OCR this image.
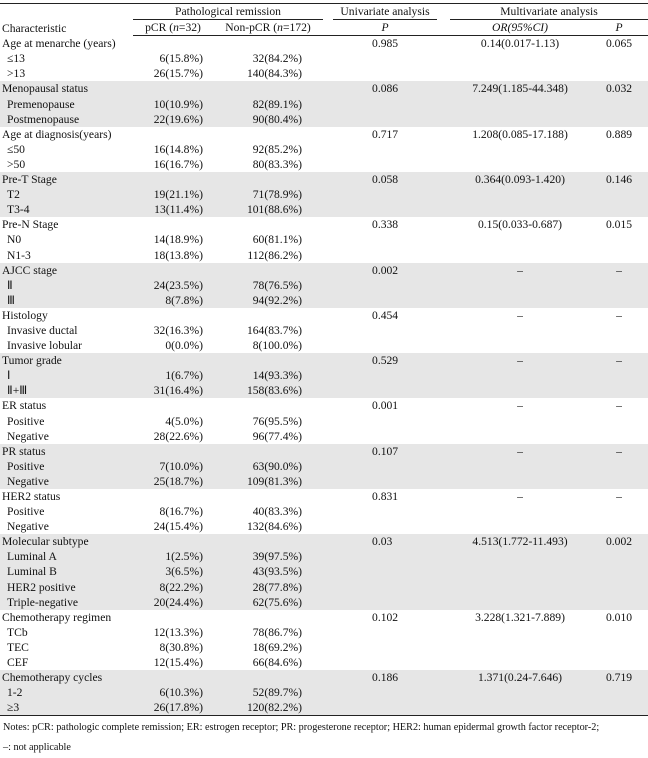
Characteristic	Pathological remission			Univariate analysis		Multivariate analysis	
	pCR (n=32)	Non-pCR (n=172)		P		OR(95%CI)	P
Age at menarche (years)				0.985		0.14(0.017-1.13)	0.065
≤13	6(15.8%)	32(84.2%)					
>13	26(15.7%)	140(84.3%)					
Menopausal status				0.086		7.249(1.185-44.348)	0.032
Premenopause	10(10.9%)	82(89.1%)					
Postmenopause	22(19.6%)	90(80.4%)					
Age at diagnosis(years)				0.717		1.208(0.085-17.188)	0.889
≤50	16(14.8%)	92(85.2%)					
>50	16(16.7%)	80(83.3%)					
Pre-T Stage				0.058		0.364(0.093-1.420)	0.146
T2	19(21.1%)	71(78.9%)					
T3-4	13(11.4%)	101(88.6%)					
Pre-N Stage				0.338		0.15(0.033-0.687)	0.015
N0	14(18.9%)	60(81.1%)					
N1-3	18(13.8%)	112(86.2%)					
AJCC stage				0.002		–	–
Ⅱ	24(23.5%)	78(76.5%)					
Ⅲ	8(7.8%)	94(92.2%)					
Histology				0.454		–	–
Invasive ductal	32(16.3%)	164(83.7%)					
Invasive lobular	0(0.0%)	8(100.0%)					
Tumor grade				0.529		–	–
Ⅰ	1(6.7%)	14(93.3%)					
Ⅱ+Ⅲ	31(16.4%)	158(83.6%)					
ER status				0.001		–	–
Positive	4(5.0%)	76(95.5%)					
Negative	28(22.6%)	96(77.4%)					
PR status				0.107		–	–
Positive	7(10.0%)	63(90.0%)					
Negative	25(18.7%)	109(81.3%)					
HER2 status				0.831		–	–
Positive	8(16.7%)	40(83.3%)					
Negative	24(15.4%)	132(84.6%)					
Molecular subtype				0.03		4.513(1.772-11.493)	0.002
Luminal A	1(2.5%)	39(97.5%)					
Luminal B	3(6.5%)	43(93.5%)					
HER2 positive	8(22.2%)	28(77.8%)					
Triple-negative	20(24.4%)	62(75.6%)					
Chemotherapy regimen				0.102		3.228(1.321-7.889)	0.010
TCb	12(13.3%)	78(86.7%)					
TEC	8(30.8%)	18(69.2%)					
CEF	12(15.4%)	66(84.6%)					
Chemotherapy cycles				0.186		1.371(0.24-7.646)	0.719
1-2	6(10.3%)	52(89.7%)					
≥3	26(17.8%)	120(82.2%)					
Notes: pCR: pathologic complete remission; ER: estrogen receptor; PR: progesterone receptor; HER2: human epidermal growth factor receptor-2;
–: not applicable
